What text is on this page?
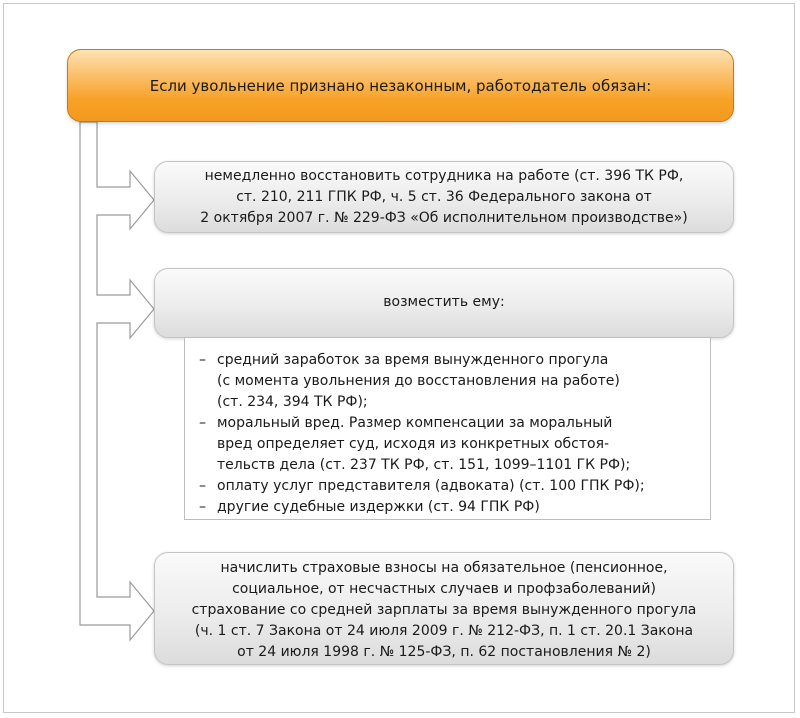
Если увольнение признано незаконным, работодатель обязан:
немедленно восстановить сотрудника на работе (ст. 396 ТК РФ,
ст. 210, 211 ГПК РФ, ч. 5 ст. 36 Федерального закона от
2 октября 2007 г. № 229-ФЗ «Об исполнительном производстве»)
возместить ему:
– средний заработок за время вынужденного прогула
(с момента увольнения до восстановления на работе)
(ст. 234, 394 ТК РФ);
– моральный вред. Размер компенсации за моральный
вред определяет суд, исходя из конкретных обстоя-
тельств дела (ст. 237 ТК РФ, ст. 151, 1099–1101 ГК РФ);
– оплату услуг представителя (адвоката) (ст. 100 ГПК РФ);
– другие судебные издержки (ст. 94 ГПК РФ)
начислить страховые взносы на обязательное (пенсионное,
социальное, от несчастных случаев и профзаболеваний)
страхование со средней зарплаты за время вынужденного прогула
(ч. 1 ст. 7 Закона от 24 июля 2009 г. № 212-ФЗ, п. 1 ст. 20.1 Закона
от 24 июля 1998 г. № 125-ФЗ, п. 62 постановления № 2)
